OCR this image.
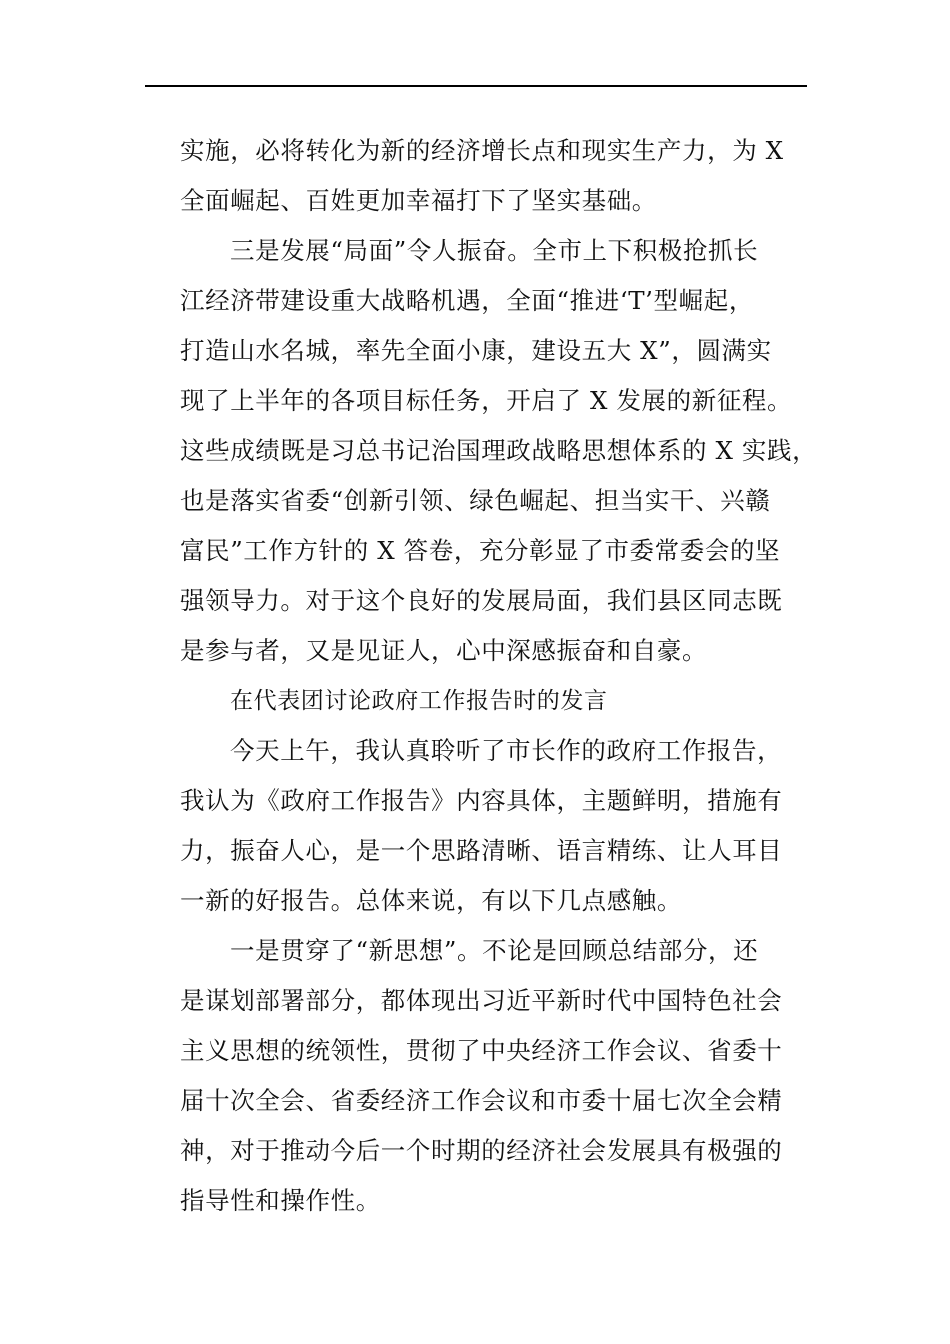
实施，必将转化为新的经济增长点和现实生产力，为 X

全面崛起、百姓更加幸福打下了坚实基础。

三是发展“局面”令人振奋。全市上下积极抢抓长

江经济带建设重大战略机遇，全面“推进‘T’型崛起，

打造山水名城，率先全面小康，建设五大 X”，圆满实

现了上半年的各项目标任务，开启了 X 发展的新征程。

这些成绩既是习总书记治国理政战略思想体系的 X 实践，

也是落实省委“创新引领、绿色崛起、担当实干、兴赣

富民”工作方针的 X 答卷，充分彰显了市委常委会的坚

强领导力。对于这个良好的发展局面，我们县区同志既

是参与者，又是见证人，心中深感振奋和自豪。

在代表团讨论政府工作报告时的发言

今天上午，我认真聆听了市长作的政府工作报告，

我认为《政府工作报告》内容具体，主题鲜明，措施有

力，振奋人心，是一个思路清晰、语言精练、让人耳目

一新的好报告。总体来说，有以下几点感触。

一是贯穿了“新思想”。不论是回顾总结部分，还

是谋划部署部分，都体现出习近平新时代中国特色社会

主义思想的统领性，贯彻了中央经济工作会议、省委十

届十次全会、省委经济工作会议和市委十届七次全会精

神，对于推动今后一个时期的经济社会发展具有极强的

指导性和操作性。
